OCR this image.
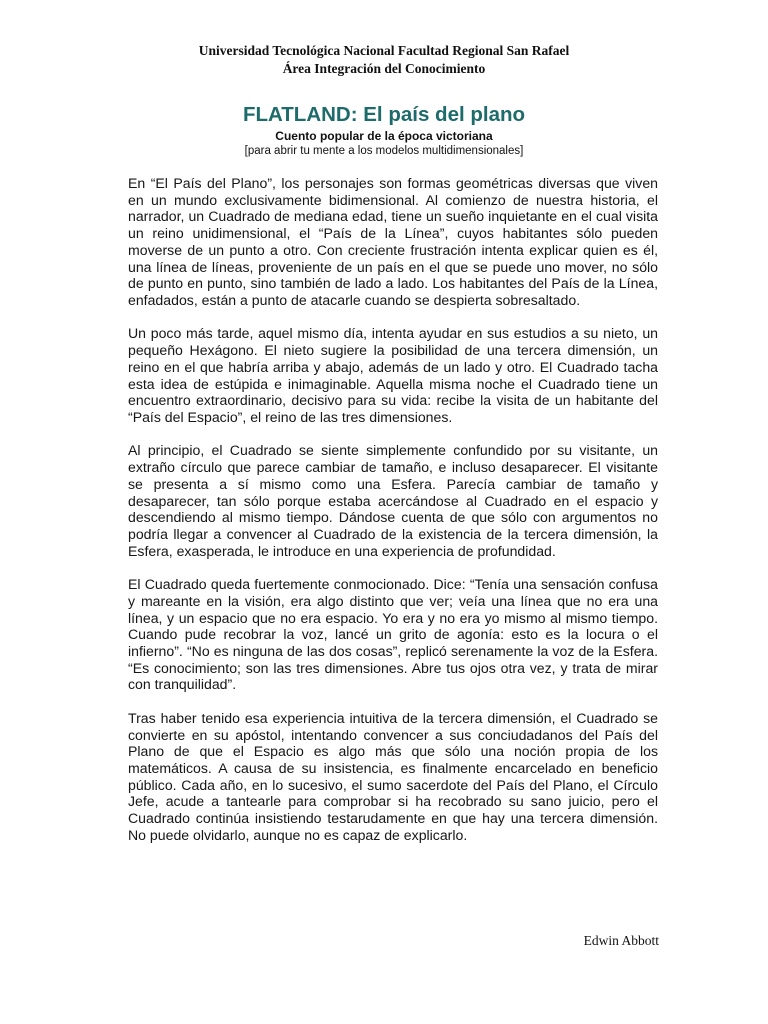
Universidad Tecnológica Nacional Facultad Regional San Rafael
Área Integración del Conocimiento
FLATLAND: El país del plano
Cuento popular de la época victoriana
[para abrir tu mente a los modelos multidimensionales]

En “El País del Plano”, los personajes son formas geométricas diversas que viven en un mundo exclusivamente bidimensional. Al comienzo de nuestra historia, el narrador, un Cuadrado de mediana edad, tiene un sueño inquietante en el cual visita un reino unidimensional, el “País de la Línea”, cuyos habitantes sólo pueden moverse de un punto a otro. Con creciente frustración intenta explicar quien es él, una línea de líneas, proveniente de un país en el que se puede uno mover, no sólo de punto en punto, sino también de lado a lado. Los habitantes del País de la Línea, enfadados, están a punto de atacarle cuando se despierta sobresaltado.

Un poco más tarde, aquel mismo día, intenta ayudar en sus estudios a su nieto, un pequeño Hexágono. El nieto sugiere la posibilidad de una tercera dimensión, un reino en el que habría arriba y abajo, además de un lado y otro. El Cuadrado tacha esta idea de estúpida e inimaginable. Aquella misma noche el Cuadrado tiene un encuentro extraordinario, decisivo para su vida: recibe la visita de un habitante del “País del Espacio”, el reino de las tres dimensiones.

Al principio, el Cuadrado se siente simplemente confundido por su visitante, un extraño círculo que parece cambiar de tamaño, e incluso desaparecer. El visitante se presenta a sí mismo como una Esfera. Parecía cambiar de tamaño y desaparecer, tan sólo porque estaba acercándose al Cuadrado en el espacio y descendiendo al mismo tiempo. Dándose cuenta de que sólo con argumentos no podría llegar a convencer al Cuadrado de la existencia de la tercera dimensión, la Esfera, exasperada, le introduce en una experiencia de profundidad.

El Cuadrado queda fuertemente conmocionado. Dice: “Tenía una sensación confusa y mareante en la visión, era algo distinto que ver; veía una línea que no era una línea, y un espacio que no era espacio. Yo era y no era yo mismo al mismo tiempo. Cuando pude recobrar la voz, lancé un grito de agonía: esto es la locura o el infierno”. “No es ninguna de las dos cosas”, replicó serenamente la voz de la Esfera. “Es conocimiento; son las tres dimensiones. Abre tus ojos otra vez, y trata de mirar con tranquilidad”.

Tras haber tenido esa experiencia intuitiva de la tercera dimensión, el Cuadrado se convierte en su apóstol, intentando convencer a sus conciudadanos del País del Plano de que el Espacio es algo más que sólo una noción propia de los matemáticos. A causa de su insistencia, es finalmente encarcelado en beneficio público. Cada año, en lo sucesivo, el sumo sacerdote del País del Plano, el Círculo Jefe, acude a tantearle para comprobar si ha recobrado su sano juicio, pero el Cuadrado continúa insistiendo testarudamente en que hay una tercera dimensión. No puede olvidarlo, aunque no es capaz de explicarlo.

Edwin Abbott
